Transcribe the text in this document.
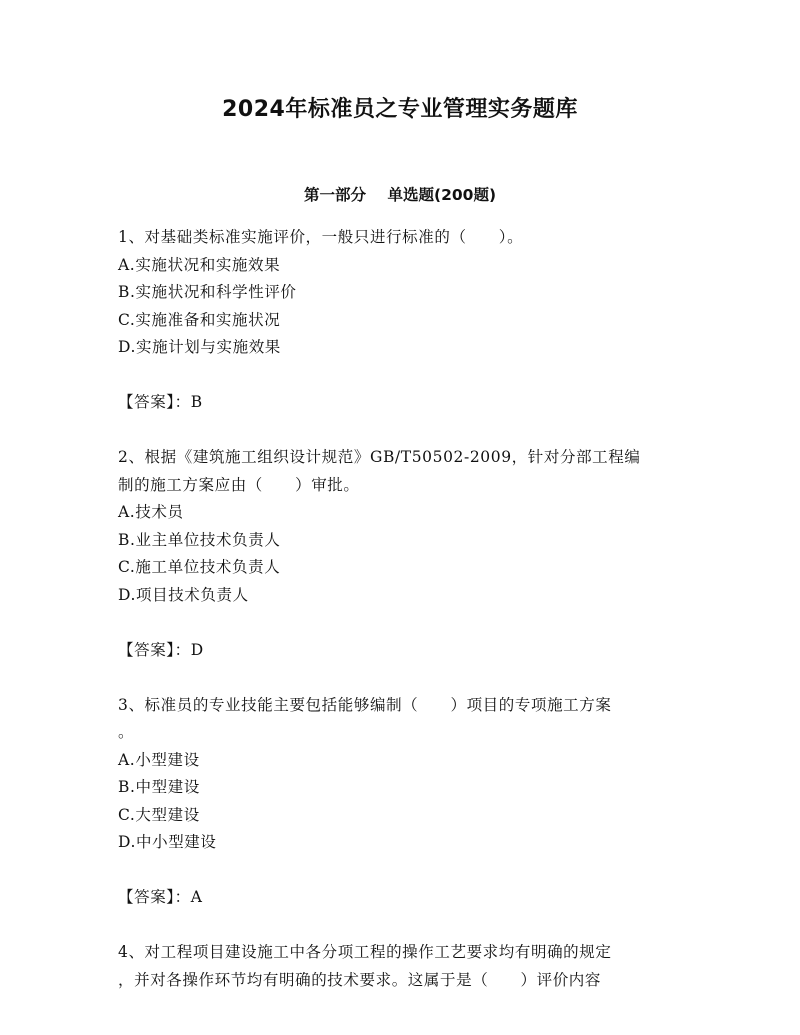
2024年标准员之专业管理实务题库
第一部分    单选题(200题)

1、对基础类标准实施评价，一般只进行标准的（　　）。

A.实施状况和实施效果

B.实施状况和科学性评价

C.实施准备和实施状况

D.实施计划与实施效果

【答案】：B

2、根据《建筑施工组织设计规范》GB/T50502-2009，针对分部工程编

制的施工方案应由（　　）审批。

A.技术员

B.业主单位技术负责人

C.施工单位技术负责人

D.项目技术负责人

【答案】：D

3、标准员的专业技能主要包括能够编制（　　）项目的专项施工方案

。

A.小型建设

B.中型建设

C.大型建设

D.中小型建设

【答案】：A

4、对工程项目建设施工中各分项工程的操作工艺要求均有明确的规定

，并对各操作环节均有明确的技术要求。这属于是（　　）评价内容
